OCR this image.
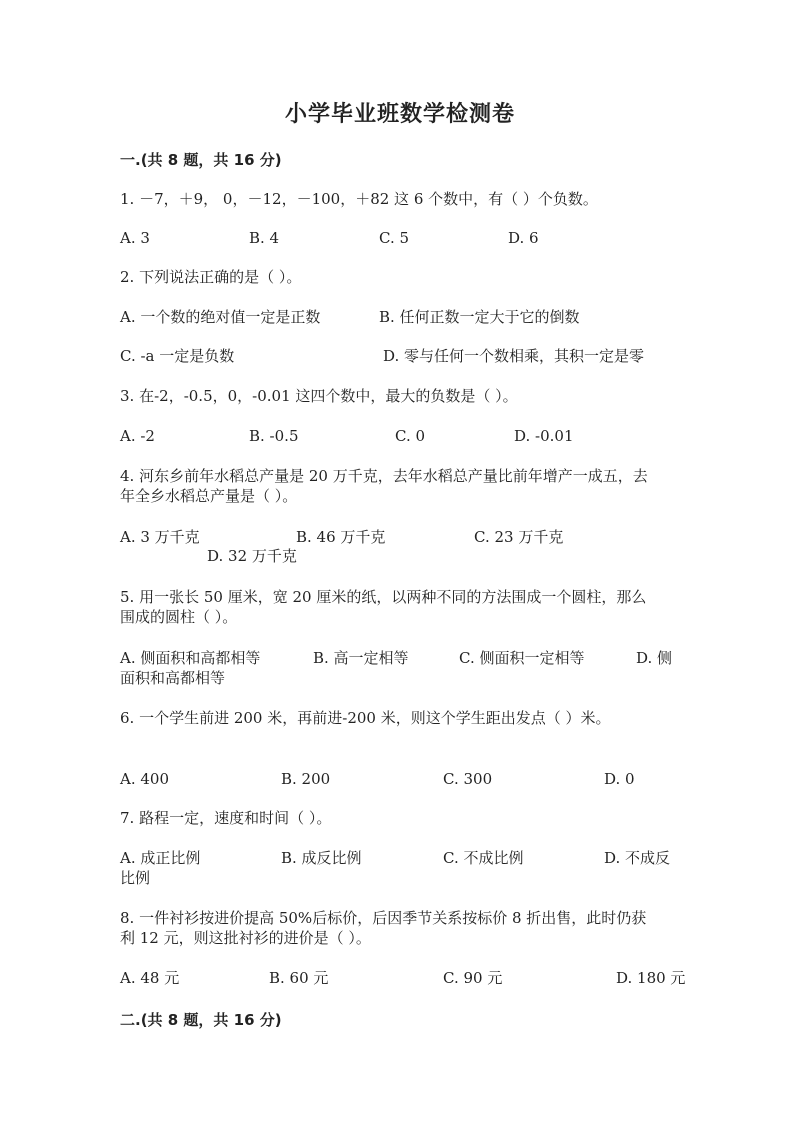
小学毕业班数学检测卷
一.(共 8 题，共 16 分)
1. －7，＋9， 0，－12，－100，＋82 这 6 个数中，有（ ）个负数。
A. 3	B. 4	C. 5	D. 6
2. 下列说法正确的是（ ）。
A. 一个数的绝对值一定是正数	B. 任何正数一定大于它的倒数
C. -a 一定是负数	D. 零与任何一个数相乘，其积一定是零
3. 在-2，-0.5，0，-0.01 这四个数中，最大的负数是（ ）。
A. -2	B. -0.5	C. 0	D. -0.01
4. 河东乡前年水稻总产量是 20 万千克，去年水稻总产量比前年增产一成五，去
年全乡水稻总产量是（ ）。
A. 3 万千克	B. 46 万千克	C. 23 万千克
D. 32 万千克
5. 用一张长 50 厘米，宽 20 厘米的纸，以两种不同的方法围成一个圆柱，那么
围成的圆柱（ ）。
A. 侧面积和高都相等	B. 高一定相等	C. 侧面积一定相等	D. 侧
面积和高都相等
6. 一个学生前进 200 米，再前进-200 米，则这个学生距出发点（ ）米。
A. 400	B. 200	C. 300	D. 0
7. 路程一定，速度和时间（ ）。
A. 成正比例	B. 成反比例	C. 不成比例	D. 不成反
比例
8. 一件衬衫按进价提高 50%后标价，后因季节关系按标价 8 折出售，此时仍获
利 12 元，则这批衬衫的进价是（ ）。
A. 48 元	B. 60 元	C. 90 元	D. 180 元
二.(共 8 题，共 16 分)
